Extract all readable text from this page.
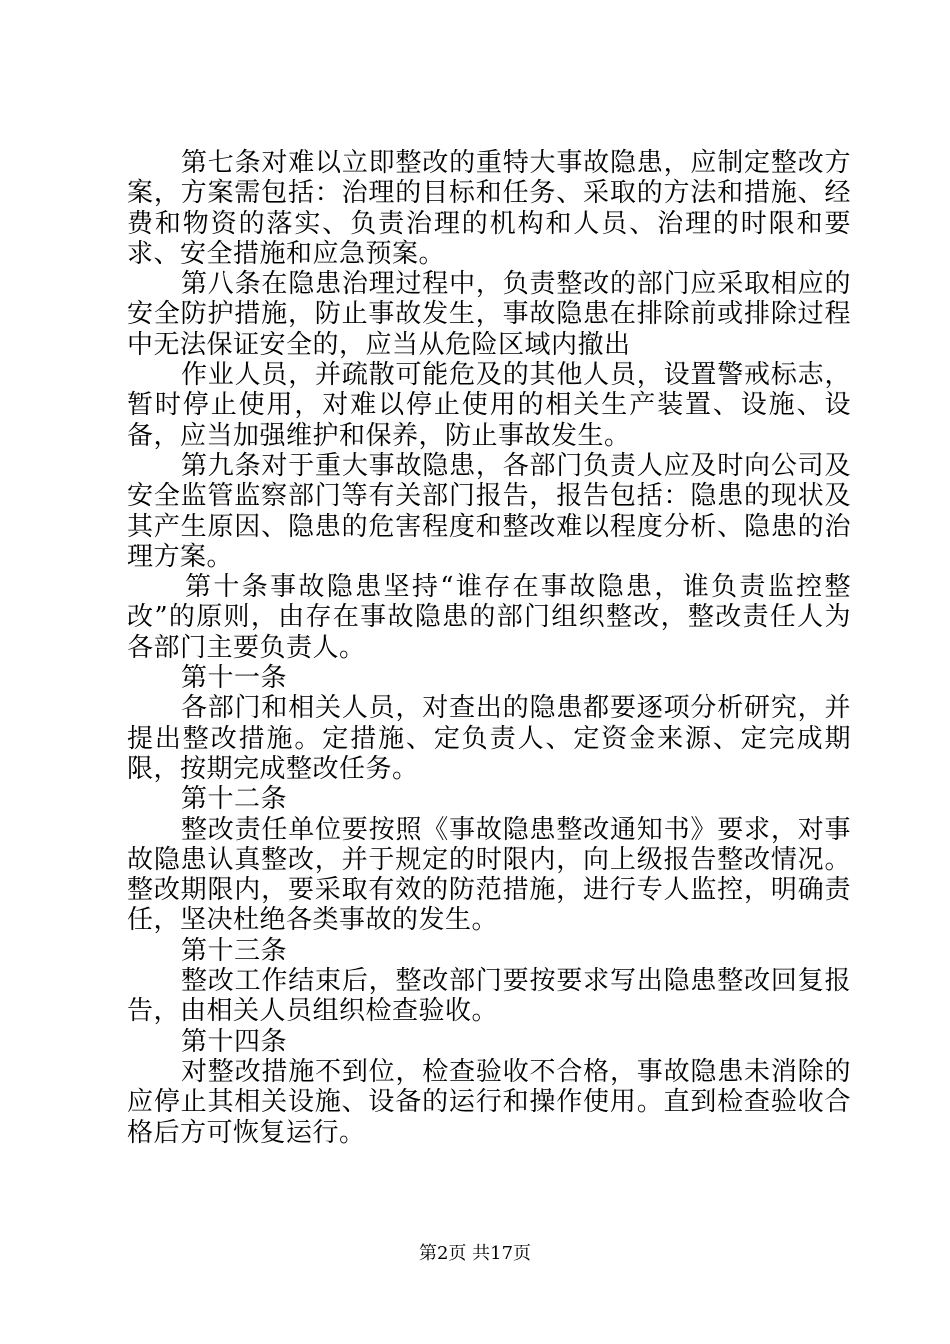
第七条对难以立即整改的重特大事故隐患，应制定整改方案，方案需包括：治理的目标和任务、采取的方法和措施、经费和物资的落实、负责治理的机构和人员、治理的时限和要求、安全措施和应急预案。

第八条在隐患治理过程中，负责整改的部门应采取相应的安全防护措施，防止事故发生，事故隐患在排除前或排除过程中无法保证安全的，应当从危险区域内撤出

作业人员，并疏散可能危及的其他人员，设置警戒标志，暂时停止使用，对难以停止使用的相关生产装置、设施、设备，应当加强维护和保养，防止事故发生。

第九条对于重大事故隐患，各部门负责人应及时向公司及安全监管监察部门等有关部门报告，报告包括：隐患的现状及其产生原因、隐患的危害程度和整改难以程度分析、隐患的治理方案。

第十条事故隐患坚持“谁存在事故隐患，谁负责监控整改”的原则，由存在事故隐患的部门组织整改，整改责任人为各部门主要负责人。

第十一条

各部门和相关人员，对查出的隐患都要逐项分析研究，并提出整改措施。定措施、定负责人、定资金来源、定完成期限，按期完成整改任务。

第十二条

整改责任单位要按照《事故隐患整改通知书》要求，对事故隐患认真整改，并于规定的时限内，向上级报告整改情况。整改期限内，要采取有效的防范措施，进行专人监控，明确责任，坚决杜绝各类事故的发生。

第十三条

整改工作结束后，整改部门要按要求写出隐患整改回复报告，由相关人员组织检查验收。

第十四条

对整改措施不到位，检查验收不合格，事故隐患未消除的应停止其相关设施、设备的运行和操作使用。直到检查验收合格后方可恢复运行。

第2页 共17页
